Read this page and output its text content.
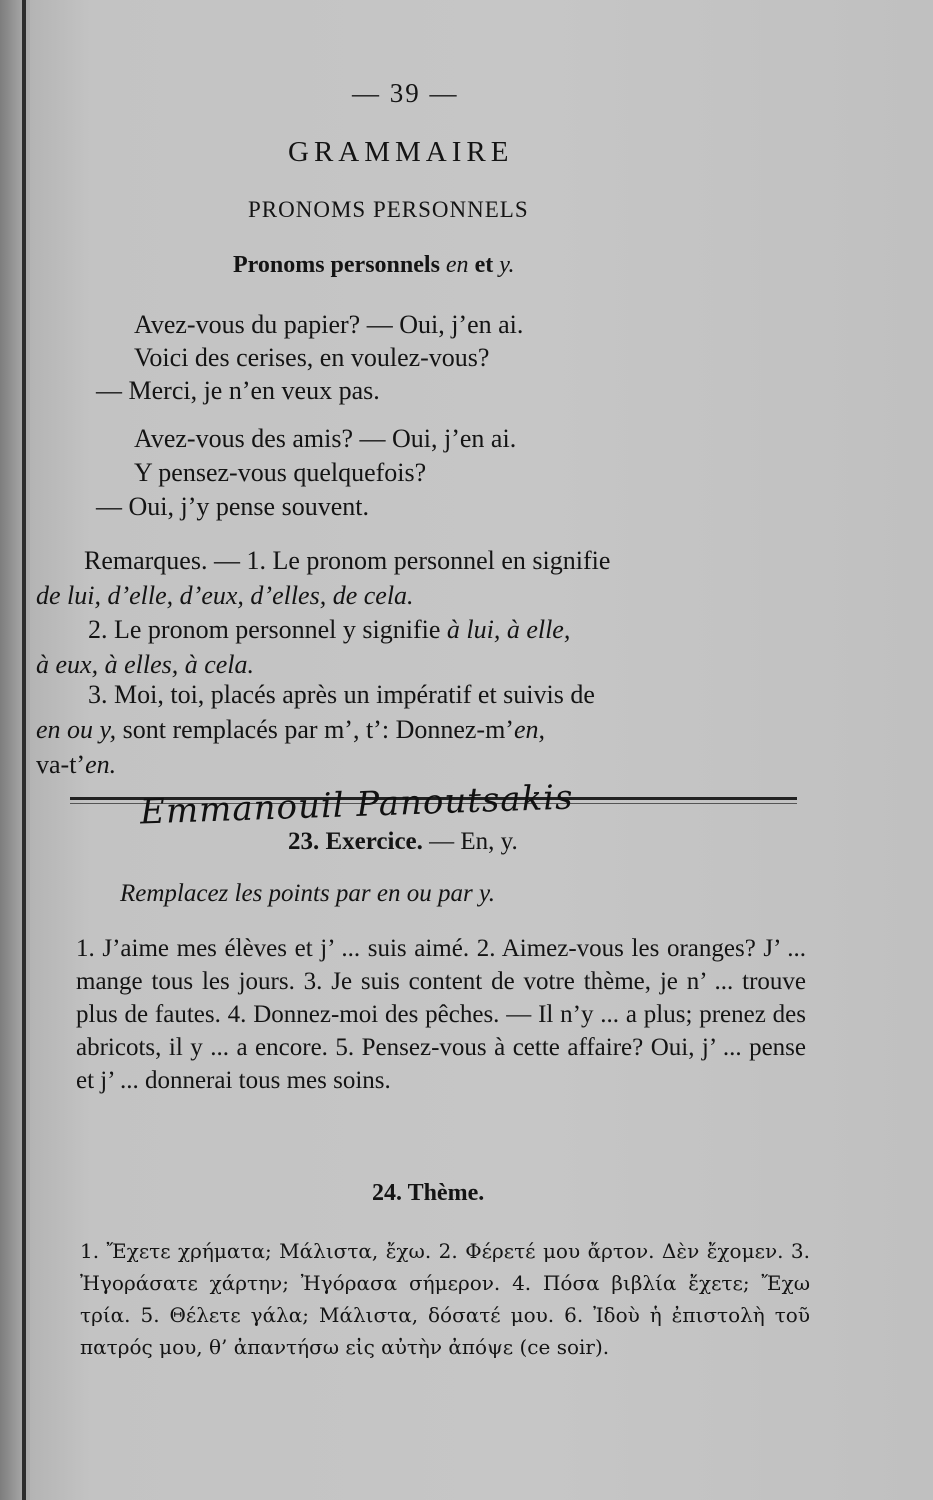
— 39 —
GRAMMAIRE
PRONOMS PERSONNELS
Pronoms personnels en et y.
Avez-vous du papier? — Oui, j’en ai.
Voici des cerises, en voulez-vous?
— Merci, je n’en veux pas.
Avez-vous des amis? — Oui, j’en ai.
Y pensez-vous quelquefois?
— Oui, j’y pense souvent.
Remarques. — 1. Le pronom personnel en signifie
de lui, d’elle, d’eux, d’elles, de cela.
2. Le pronom personnel y signifie à lui, à elle,
à eux, à elles, à cela.
3. Moi, toi, placés après un impératif et suivis de
en ou y, sont remplacés par m’, t’: Donnez-m’en,
va-t’en.
Emmanouil Panoutsakis
23. Exercice. — En, y.
Remplacez les points par en ou par y.
1. J’aime mes élèves et j’ ... suis aimé. 2. Aimez-vous les oranges? J’ ... mange tous les jours. 3. Je suis content de votre thème, je n’ ... trouve plus de fautes. 4. Donnez-moi des pêches. — Il n’y ... a plus; prenez des abricots, il y ... a encore. 5. Pensez-vous à cette affaire? Oui, j’ ... pense et j’ ... donnerai tous mes soins.
24. Thème.
1. Ἔχετε χρήματα; Μάλιστα, ἔχω. 2. Φέρετέ μου ἄρτον. Δὲν ἔχομεν. 3. Ἠγοράσατε χάρτην; Ἠγόρασα σήμερον. 4. Πόσα βιβλία ἔχετε; Ἔχω τρία. 5. Θέλετε γάλα; Μάλιστα, δόσατέ μου. 6. Ἰδοὺ ἡ ἐπιστολὴ τοῦ πατρός μου, θ’ ἀπαντήσω εἰς αὐτὴν ἀπόψε (ce soir).
